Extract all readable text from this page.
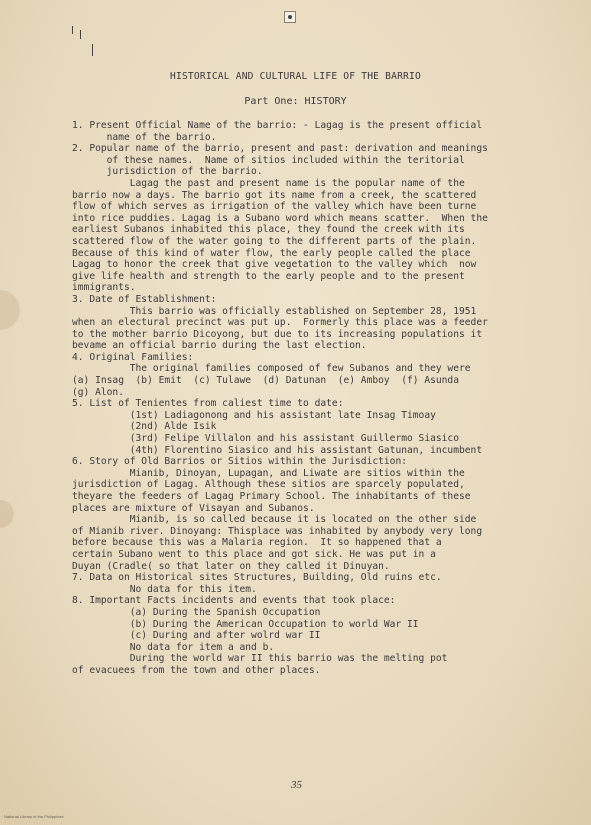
HISTORICAL AND CULTURAL LIFE OF THE BARRIO
Part One: HISTORY
1. Present Official Name of the barrio: - Lagag is the present official
name of the barrio.
2. Popular name of the barrio, present and past: derivation and meanings
of these names.  Name of sitios included within the teritorial
jurisdiction of the barrio.
Lagag the past and present name is the popular name of the
barrio now a days. The barrio got its name from a creek, the scattered
flow of which serves as irrigation of the valley which have been turne
into rice puddies. Lagag is a Subano word which means scatter.  When the
earliest Subanos inhabited this place, they found the creek with its
scattered flow of the water going to the different parts of the plain.
Because of this kind of water flow, the early people called the place
Lagag to honor the creek that give vegetation to the valley which  now
give life health and strength to the early people and to the present
immigrants.
3. Date of Establishment:
This barrio was officially established on September 28, 1951
when an electural precinct was put up.  Formerly this place was a feeder
to the mother barrio Dicoyong, but due to its increasing populations it
bevame an official barrio during the last election.
4. Original Families:
The original families composed of few Subanos and they were
(a) Insag  (b) Emit  (c) Tulawe  (d) Datunan  (e) Amboy  (f) Asunda
(g) Alon.
5. List of Tenientes from caliest time to date:
(1st) Ladiagonong and his assistant late Insag Timoay
(2nd) Alde Isik
(3rd) Felipe Villalon and his assistant Guillermo Siasico
(4th) Florentino Siasico and his assistant Gatunan, incumbent
6. Story of Old Barrios or Sitios within the Jurisdiction:
Mianib, Dinoyan, Lupagan, and Liwate are sitios within the
jurisdiction of Lagag. Although these sitios are sparcely populated,
theyare the feeders of Lagag Primary School. The inhabitants of these
places are mixture of Visayan and Subanos.
Mianib, is so called because it is located on the other side
of Mianib river. Dinoyang: Thisplace was inhabited by anybody very long
before because this was a Malaria region.  It so happened that a
certain Subano went to this place and got sick. He was put in a
Duyan (Cradle( so that later on they called it Dinuyan.
7. Data on Historical sites Structures, Building, Old ruins etc.
No data for this item.
8. Important Facts incidents and events that took place:
(a) During the Spanish Occupation
(b) During the American Occupation to world War II
(c) During and after wolrd war II
No data for item a and b.
During the world war II this barrio was the melting pot
of evacuees from the town and other places.
35
National Library of the Philippines
